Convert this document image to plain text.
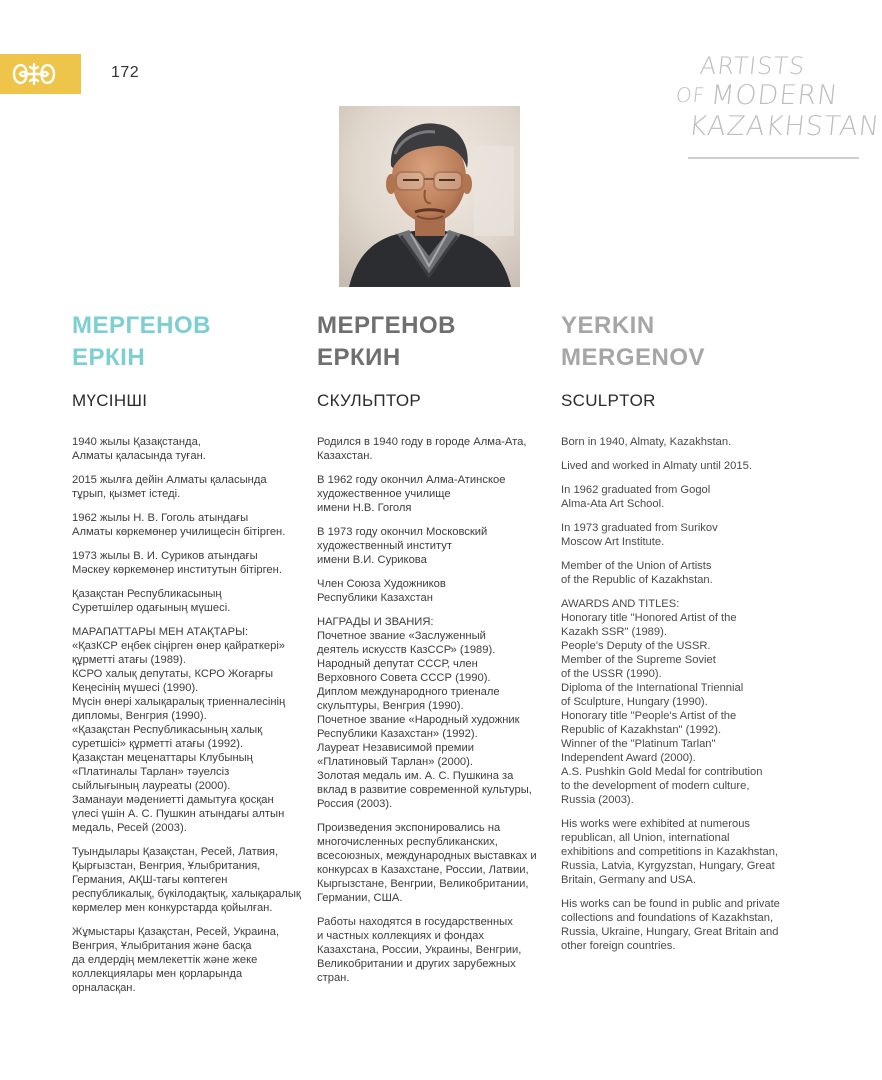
172	ARTISTS
OF MODERN
KAZAKHSTAN
МЕРГЕНОВ
ЕРКІН
МҮСІНШІ

1940 жылы Қазақстанда,
Алматы қаласында туған.

2015 жылға дейін Алматы қаласында
тұрып, қызмет істеді.

1962 жылы Н. В. Гоголь атындағы
Алматы көркемөнер училищесін бітірген.

1973 жылы В. И. Суриков атындағы
Мәскеу көркемөнер институтын бітірген.

Қазақстан Республикасының
Суретшілер одағының мүшесі.

МАРАПАТТАРЫ МЕН АТАҚТАРЫ:
«ҚазКСР еңбек сіңірген өнер қайраткері»
құрметті атағы (1989).
КСРО халық депутаты, КСРО Жоғарғы
Кеңесінің мүшесі (1990).
Мүсін өнері халықаралық триенналесінің
дипломы, Венгрия (1990).
«Қазақстан Республикасының халық
суретшісі» құрметті атағы (1992).
Қазақстан меценаттары Клубының
«Платиналы Тарлан» тәуелсіз
сыйлығының лауреаты (2000).
Заманауи мәдениетті дамытуға қосқан
үлесі үшін А. С. Пушкин атындағы алтын
медаль, Ресей (2003).

Туындылары Қазақстан, Ресей, Латвия,
Қырғызстан, Венгрия, Ұлыбритания,
Германия, АҚШ-тағы көптеген
республикалық, бүкілодақтық, халықаралық
көрмелер мен конкурстарда қойылған.

Жұмыстары Қазақстан, Ресей, Украина,
Венгрия, Ұлыбритания және басқа
да елдердің мемлекеттік және жеке
коллекциялары мен қорларында
орналасқан.

МЕРГЕНОВ
ЕРКИН
СКУЛЬПТОР

Родился в 1940 году в городе Алма-Ата,
Казахстан.

В 1962 году окончил Алма-Атинское
художественное училище
имени Н.В. Гоголя

В 1973 году окончил Московский
художественный институт
имени В.И. Сурикова

Член Союза Художников
Республики Казахстан

НАГРАДЫ И ЗВАНИЯ:
Почетное звание «Заслуженный
деятель искусств КазССР» (1989).
Народный депутат СССР, член
Верховного Совета СССР (1990).
Диплом международного триенале
скульптуры, Венгрия (1990).
Почетное звание «Народный художник
Республики Казахстан» (1992).
Лауреат Независимой премии
«Платиновый Тарлан» (2000).
Золотая медаль им. А. С. Пушкина за
вклад в развитие современной культуры,
Россия (2003).

Произведения экспонировались на
многочисленных республиканских,
всесоюзных, международных выставках и
конкурсах в Казахстане, России, Латвии,
Кыргызстане, Венгрии, Великобритании,
Германии, США.

Работы находятся в государственных
и частных коллекциях и фондах
Казахстана, России, Украины, Венгрии,
Великобритании и других зарубежных
стран.

YERKIN
MERGENOV
SCULPTOR

Born in 1940, Almaty, Kazakhstan.

Lived and worked in Almaty until 2015.

In 1962 graduated from Gogol
Alma-Ata Art School.

In 1973 graduated from Surikov
Moscow Art Institute.

Member of the Union of Artists
of the Republic of Kazakhstan.

AWARDS AND TITLES:
Honorary title "Honored Artist of the
Kazakh SSR" (1989).
People's Deputy of the USSR.
Member of the Supreme Soviet
of the USSR (1990).
Diploma of the International Triennial
of Sculpture, Hungary (1990).
Honorary title "People's Artist of the
Republic of Kazakhstan" (1992).
Winner of the "Platinum Tarlan"
Independent Award (2000).
A.S. Pushkin Gold Medal for contribution
to the development of modern culture,
Russia (2003).

His works were exhibited at numerous
republican, all Union, international
exhibitions and competitions in Kazakhstan,
Russia, Latvia, Kyrgyzstan, Hungary, Great
Britain, Germany and USA.

His works can be found in public and private
collections and foundations of Kazakhstan,
Russia, Ukraine, Hungary, Great Britain and
other foreign countries.
